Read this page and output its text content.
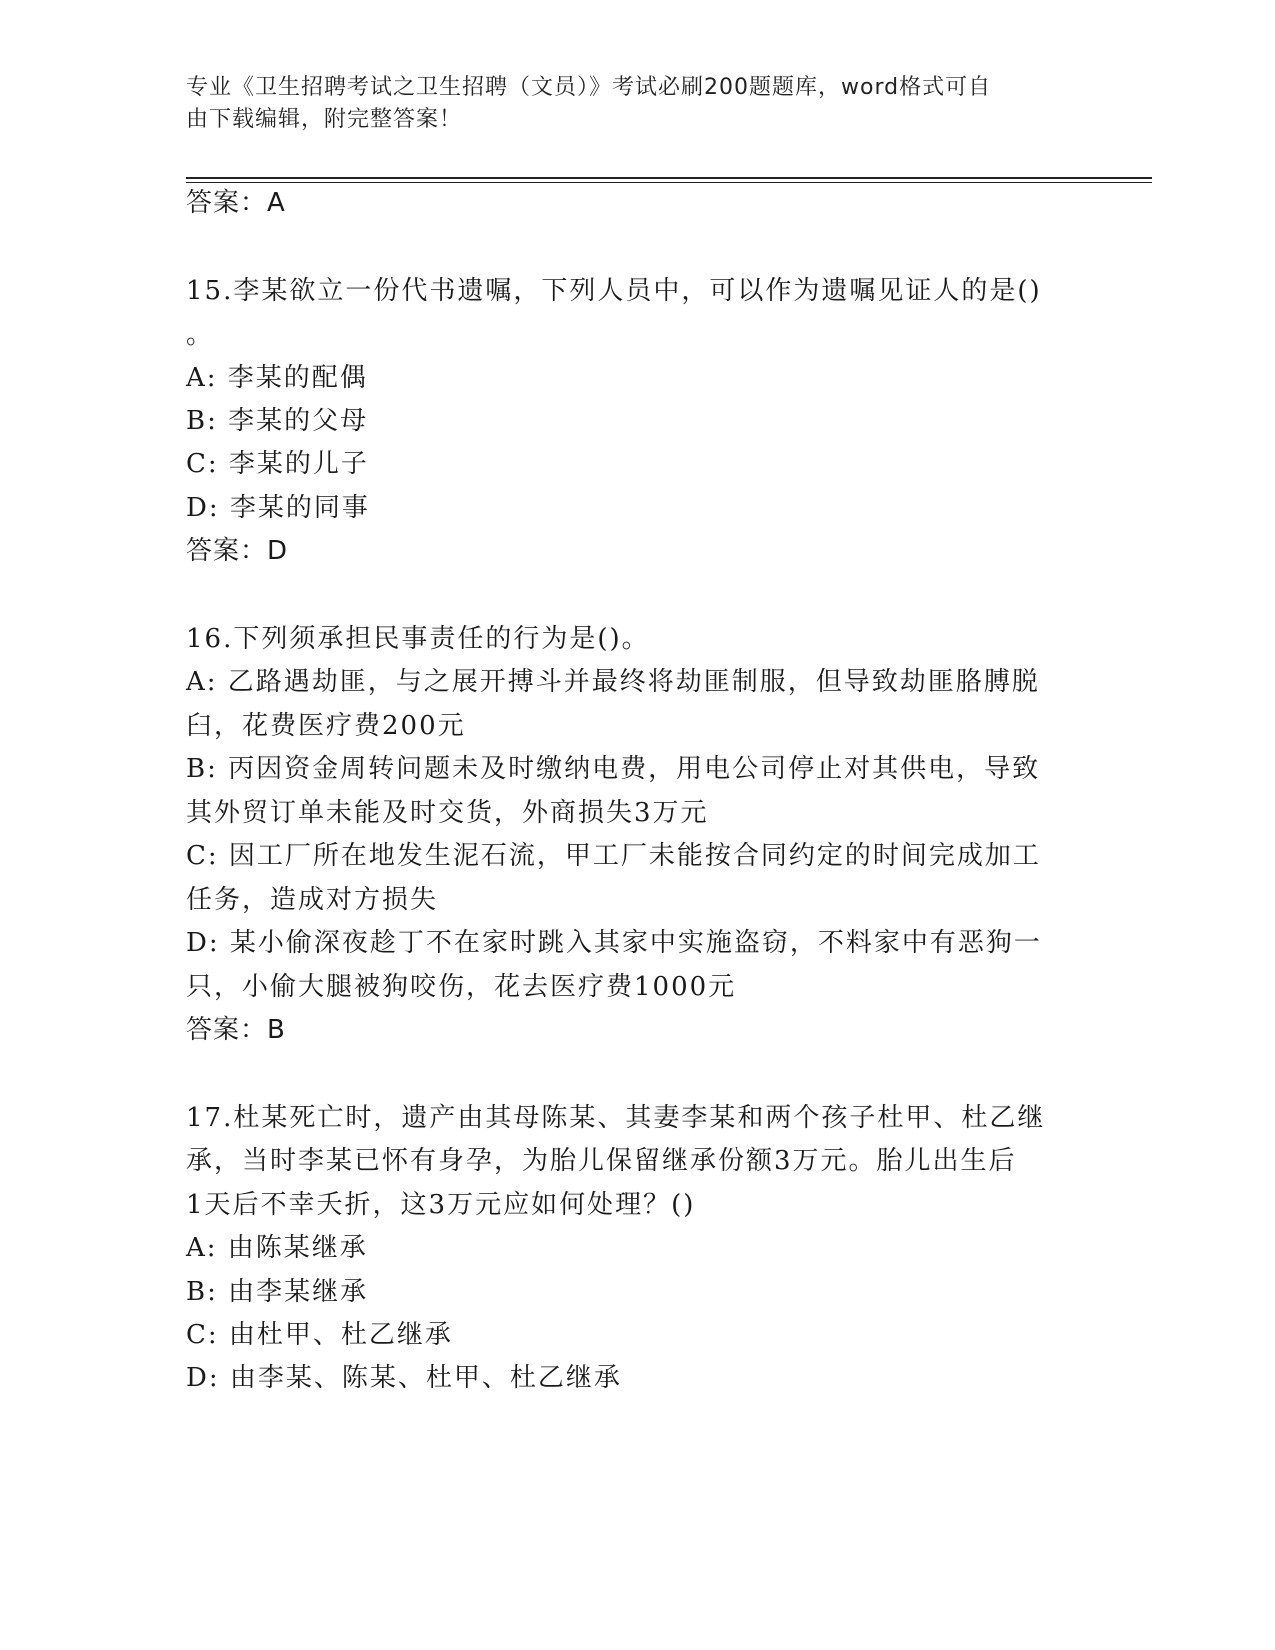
专业《卫生招聘考试之卫生招聘（文员）》考试必刷200题题库，word格式可自
由下载编辑，附完整答案！
答案：A
15.李某欲立一份代书遗嘱，下列人员中，可以作为遗嘱见证人的是()
。
A: 李某的配偶
B: 李某的父母
C: 李某的儿子
D: 李某的同事
答案：D
16.下列须承担民事责任的行为是()。
A: 乙路遇劫匪，与之展开搏斗并最终将劫匪制服，但导致劫匪胳膊脱
臼，花费医疗费200元
B: 丙因资金周转问题未及时缴纳电费，用电公司停止对其供电，导致
其外贸订单未能及时交货，外商损失3万元
C: 因工厂所在地发生泥石流，甲工厂未能按合同约定的时间完成加工
任务，造成对方损失
D: 某小偷深夜趁丁不在家时跳入其家中实施盗窃，不料家中有恶狗一
只，小偷大腿被狗咬伤，花去医疗费1000元
答案：B
17.杜某死亡时，遗产由其母陈某、其妻李某和两个孩子杜甲、杜乙继
承，当时李某已怀有身孕，为胎儿保留继承份额3万元。胎儿出生后
1天后不幸夭折，这3万元应如何处理？()
A: 由陈某继承
B: 由李某继承
C: 由杜甲、杜乙继承
D: 由李某、陈某、杜甲、杜乙继承
